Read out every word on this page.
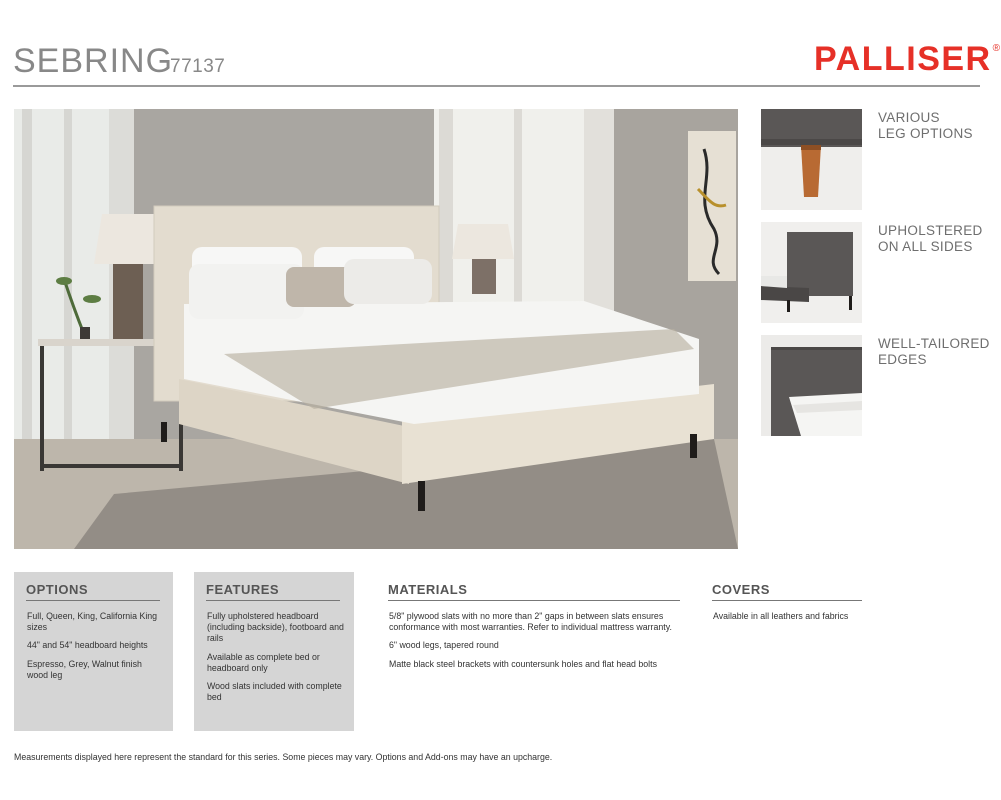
SEBRING
77137	PALLISER®
VARIOUS
LEG OPTIONS
UPHOLSTERED
ON ALL SIDES
WELL-TAILORED
EDGES
OPTIONS
Full, Queen, King, California King sizes
44" and 54" headboard heights
Espresso, Grey, Walnut finish wood leg
FEATURES
Fully upholstered headboard (including backside), footboard and rails
Available as complete bed or headboard only
Wood slats included with complete bed
MATERIALS
5/8" plywood slats with no more than 2" gaps in between slats ensures conformance with most warranties. Refer to individual mattress warranty.
6" wood legs, tapered round
Matte black steel brackets with countersunk holes and flat head bolts
COVERS
Available in all leathers and fabrics
Measurements displayed here represent the standard for this series. Some pieces may vary. Options and Add-ons may have an upcharge.
